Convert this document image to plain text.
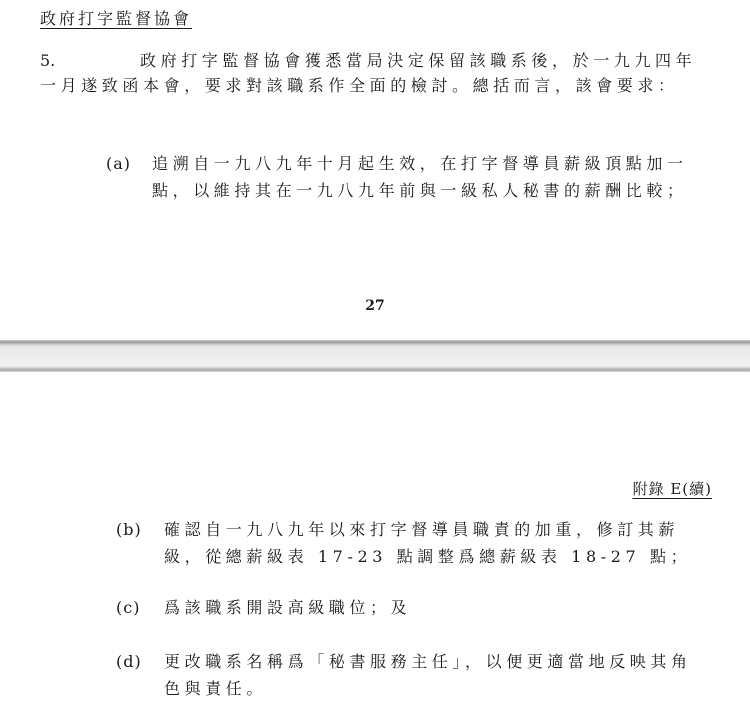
政府打字監督協會

5.	政府打字監督協會獲悉當局決定保留該職系後，於一九九四年一月遂致函本會，要求對該職系作全面的檢討。總括而言，該會要求：

(a) 追溯自一九八九年十月起生效，在打字督導員薪級頂點加一點，以維持其在一九八九年前與一級私人秘書的薪酬比較；

27

附錄 E(續)

(b) 確認自一九八九年以來打字督導員職責的加重，修訂其薪級，從總薪級表 17-23 點調整爲總薪級表 18-27 點；
(c) 爲該職系開設高級職位；及
(d) 更改職系名稱爲「秘書服務主任」，以便更適當地反映其角色與責任。
